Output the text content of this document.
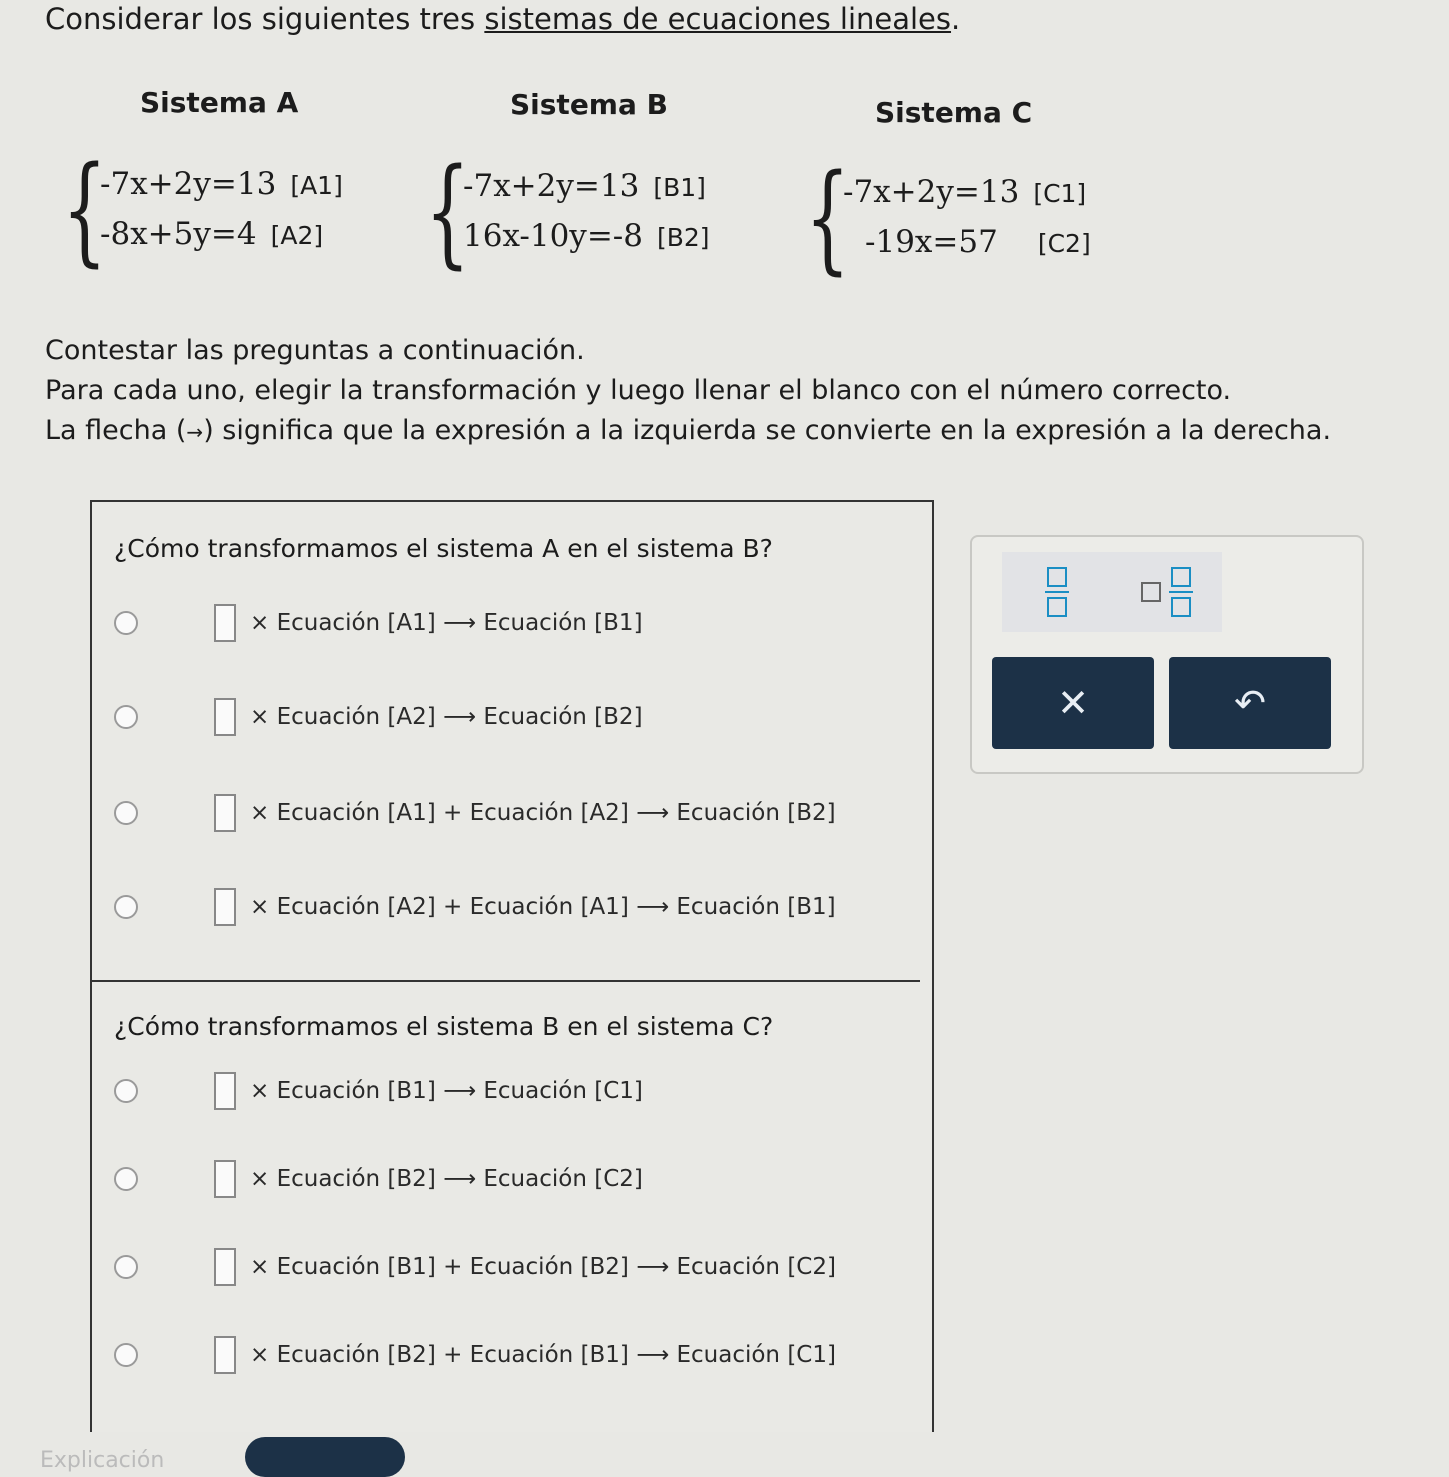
Considerar los siguientes tres sistemas de ecuaciones lineales.
Sistema A	Sistema B	Sistema C
{
-7x+2y=13 [A1]
-8x+5y=4 [A2] {
-7x+2y=13 [B1]
16x-10y=-8 [B2] {
-7x+2y=13 [C1]
-19x=57 [C2]
Contestar las preguntas a continuación.
Para cada uno, elegir la transformación y luego llenar el blanco con el número correcto.
La flecha (→) significa que la expresión a la izquierda se convierte en la expresión a la derecha.
¿Cómo transformamos el sistema A en el sistema B?
× Ecuación [A1] ⟶ Ecuación [B1]
× Ecuación [A2] ⟶ Ecuación [B2]
× Ecuación [A1] + Ecuación [A2] ⟶ Ecuación [B2]
× Ecuación [A2] + Ecuación [A1] ⟶ Ecuación [B1]
¿Cómo transformamos el sistema B en el sistema C?
× Ecuación [B1] ⟶ Ecuación [C1]
× Ecuación [B2] ⟶ Ecuación [C2]
× Ecuación [B1] + Ecuación [B2] ⟶ Ecuación [C2]
× Ecuación [B2] + Ecuación [B1] ⟶ Ecuación [C1]
✕	↶
Explicación
